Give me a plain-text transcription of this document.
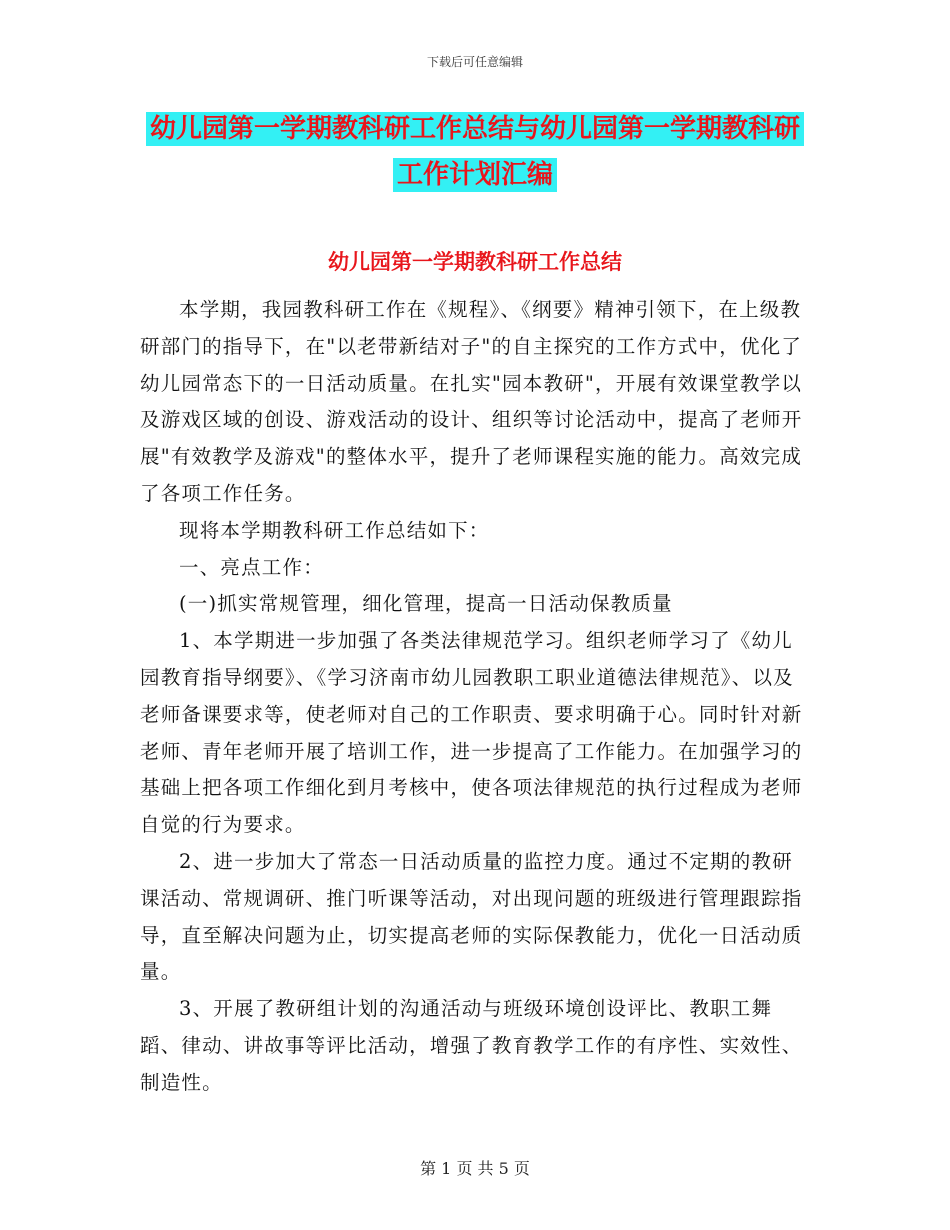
下载后可任意编辑
幼儿园第一学期教科研工作总结与幼儿园第一学期教科研工作计划汇编
幼儿园第一学期教科研工作总结

本学期，我园教科研工作在《规程》、《纲要》精神引领下，在上级教研部门的指导下，在"以老带新结对子"的自主探究的工作方式中，优化了幼儿园常态下的一日活动质量。在扎实"园本教研"，开展有效课堂教学以及游戏区域的创设、游戏活动的设计、组织等讨论活动中，提高了老师开展"有效教学及游戏"的整体水平，提升了老师课程实施的能力。高效完成了各项工作任务。

现将本学期教科研工作总结如下：

一、亮点工作：

(一)抓实常规管理，细化管理，提高一日活动保教质量

1、本学期进一步加强了各类法律规范学习。组织老师学习了《幼儿园教育指导纲要》、《学习济南市幼儿园教职工职业道德法律规范》、以及老师备课要求等，使老师对自己的工作职责、要求明确于心。同时针对新老师、青年老师开展了培训工作，进一步提高了工作能力。在加强学习的基础上把各项工作细化到月考核中，使各项法律规范的执行过程成为老师自觉的行为要求。

2、进一步加大了常态一日活动质量的监控力度。通过不定期的教研课活动、常规调研、推门听课等活动，对出现问题的班级进行管理跟踪指导，直至解决问题为止，切实提高老师的实际保教能力，优化一日活动质量。

3、开展了教研组计划的沟通活动与班级环境创设评比、教职工舞蹈、律动、讲故事等评比活动，增强了教育教学工作的有序性、实效性、制造性。

第 1 页 共 5 页
